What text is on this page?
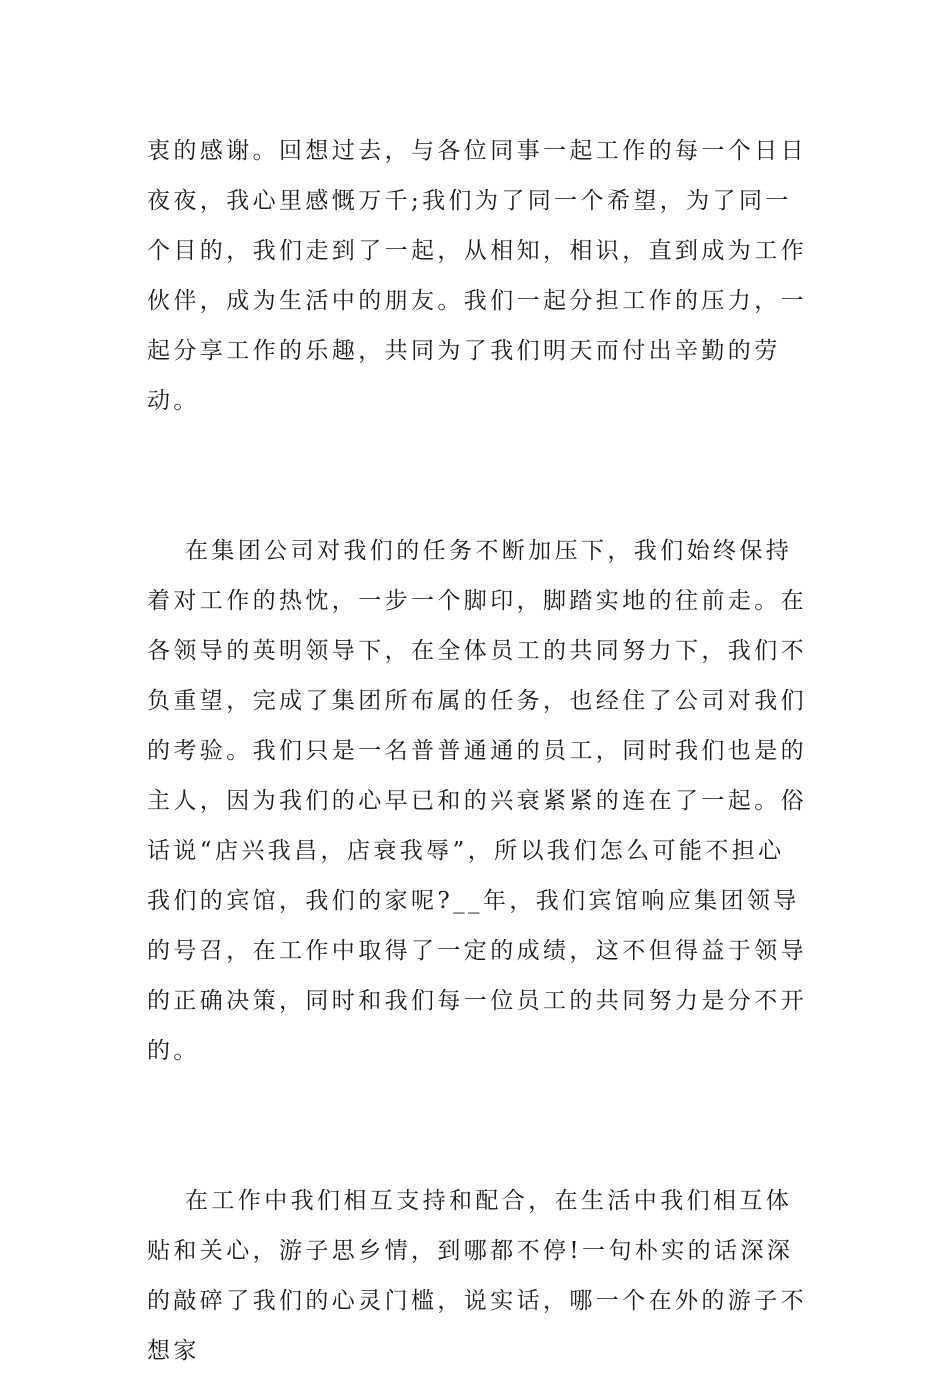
衷的感谢。回想过去，与各位同事一起工作的每一个日日夜夜，我心里感慨万千;我们为了同一个希望，为了同一个目的，我们走到了一起，从相知，相识，直到成为工作伙伴，成为生活中的朋友。我们一起分担工作的压力，一起分享工作的乐趣，共同为了我们明天而付出辛勤的劳动。

在集团公司对我们的任务不断加压下，我们始终保持着对工作的热忱，一步一个脚印，脚踏实地的往前走。在各领导的英明领导下，在全体员工的共同努力下，我们不负重望，完成了集团所布属的任务，也经住了公司对我们的考验。我们只是一名普普通通的员工，同时我们也是的主人，因为我们的心早已和的兴衰紧紧的连在了一起。俗话说“店兴我昌，店衰我辱”，所以我们怎么可能不担心我们的宾馆，我们的家呢?__年，我们宾馆响应集团领导的号召，在工作中取得了一定的成绩，这不但得益于领导的正确决策，同时和我们每一位员工的共同努力是分不开的。

在工作中我们相互支持和配合，在生活中我们相互体贴和关心，游子思乡情，到哪都不停!一句朴实的话深深的敲碎了我们的心灵门槛，说实话，哪一个在外的游子不想家
